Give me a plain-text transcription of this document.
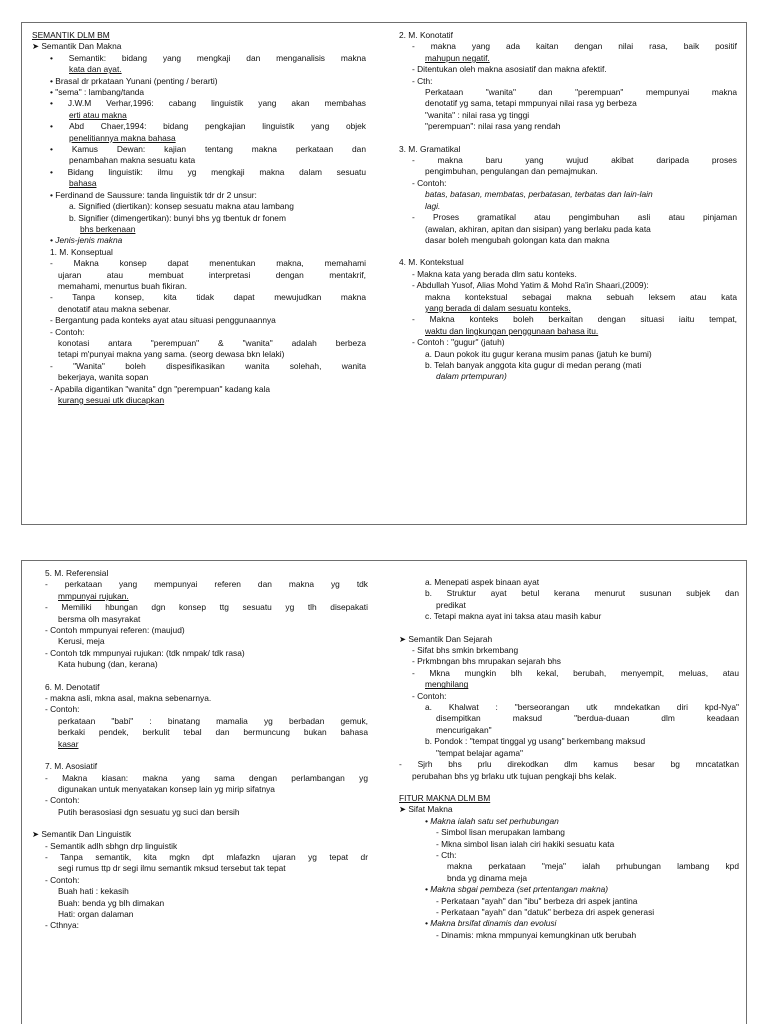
SEMANTIK DLM BM
➤ Semantik Dan Makna
• Semantik: bidang yang mengkaji dan menganalisis makna
kata dan ayat.
• Brasal dr prkataan Yunani (penting / berarti)
• "sema" : lambang/tanda
• J.W.M Verhar,1996: cabang linguistik yang akan membahas
erti atau makna
• Abd Chaer,1994: bidang pengkajian linguistik yang objek
penelitiannya makna bahasa
• Kamus Dewan: kajian tentang makna perkataan dan
penambahan makna sesuatu kata
• Bidang linguistik: ilmu yg mengkaji makna dalam sesuatu
bahasa
• Ferdinand de Saussure: tanda linguistik tdr dr 2 unsur:
a. Signified (diertikan): konsep sesuatu makna atau lambang
b. Signifier (dimengertikan): bunyi bhs yg tbentuk dr fonem
bhs berkenaan
• Jenis-jenis makna
1. M. Konseptual
- Makna konsep dapat menentukan makna, memahami
ujaran atau membuat interpretasi dengan mentakrif,
memahami, menurtus buah fikiran.
- Tanpa konsep, kita tidak dapat mewujudkan makna
denotatif atau makna sebenar.
- Bergantung pada konteks ayat atau situasi penggunaannya
- Contoh:
konotasi antara "perempuan" & "wanita" adalah berbeza
tetapi m'punyai makna yang sama. (seorg dewasa bkn lelaki)
- "Wanita" boleh dispesifikasikan wanita solehah, wanita
bekerjaya, wanita sopan
- Apabila digantikan "wanita" dgn "perempuan" kadang kala
kurang sesuai utk diucapkan
2. M. Konotatif
- makna yang ada kaitan dengan nilai rasa, baik positif
mahupun negatif.
- Ditentukan oleh makna asosiatif dan makna afektif.
- Cth:
Perkataan "wanita" dan "perempuan" mempunyai makna
denotatif yg sama, tetapi mmpunyai nilai rasa yg berbeza
"wanita" : nilai rasa yg tinggi
"perempuan": nilai rasa yang rendah
3. M. Gramatikal
- makna baru yang wujud akibat daripada proses
pengimbuhan, pengulangan dan pemajmukan.
- Contoh:
batas, batasan, membatas, perbatasan, terbatas dan lain-lain
lagi.
- Proses gramatikal atau pengimbuhan asli atau pinjaman
(awalan, akhiran, apitan dan sisipan) yang berlaku pada kata
dasar boleh mengubah golongan kata dan makna
4. M. Kontekstual
- Makna kata yang berada dlm satu konteks.
- Abdullah Yusof, Alias Mohd Yatim & Mohd Ra'in Shaari,(2009):
makna kontekstual sebagai makna sebuah leksem atau kata
yang berada di dalam sesuatu konteks.
- Makna konteks boleh berkaitan dengan situasi iaitu tempat,
waktu dan lingkungan penggunaan bahasa itu.
- Contoh : "gugur" (jatuh)
a. Daun pokok itu gugur kerana musim panas (jatuh ke bumi)
b. Telah banyak anggota kita gugur di medan perang (mati
dalam prtempuran)
5. M. Referensial
- perkataan yang mempunyai referen dan makna yg tdk
mmpunyai rujukan.
- Memiliki hbungan dgn konsep ttg sesuatu yg tlh disepakati
bersma olh masyrakat
- Contoh mmpunyai referen: (maujud)
Kerusi, meja
- Contoh tdk mmpunyai rujukan: (tdk nmpak/ tdk rasa)
Kata hubung (dan, kerana)
6. M. Denotatif
- makna asli, mkna asal, makna sebenarnya.
- Contoh:
perkataan "babi" : binatang mamalia yg berbadan gemuk,
berkaki pendek, berkulit tebal dan bermuncung bukan bahasa
kasar
7. M. Asosiatif
- Makna kiasan: makna yang sama dengan perlambangan yg
digunakan untuk menyatakan konsep lain yg mirip sifatnya
- Contoh:
Putih berasosiasi dgn sesuatu yg suci dan bersih
➤ Semantik Dan Linguistik
- Semantik adlh sbhgn drp linguistik
- Tanpa semantik, kita mgkn dpt mlafazkn ujaran yg tepat dr
segi rumus ttp dr segi ilmu semantik mksud tersebut tak tepat
- Contoh:
Buah hati : kekasih
Buah: benda yg blh dimakan
Hati: organ dalaman
- Cthnya:
a. Menepati aspek binaan ayat
b. Struktur ayat betul kerana menurut susunan subjek dan
predikat
c. Tetapi makna ayat ini taksa atau masih kabur
➤ Semantik Dan Sejarah
- Sifat bhs smkin brkembang
- Prkmbngan bhs mrupakan sejarah bhs
- Mkna mungkin blh kekal, berubah, menyempit, meluas, atau
menghilang
- Contoh:
a. Khalwat : "berseorangan utk mndekatkan diri kpd-Nya"
disempitkan maksud "berdua-duaan dlm keadaan
mencurigakan"
b. Pondok : "tempat tinggal yg usang" berkembang maksud
"tempat belajar agama"
- Sjrh bhs prlu direkodkan dlm kamus besar bg mncatatkan
perubahan bhs yg brlaku utk tujuan pengkaji bhs kelak.
FITUR MAKNA DLM BM
➤ Sifat Makna
• Makna ialah satu set perhubungan
- Simbol lisan merupakan lambang
- Mkna simbol lisan ialah ciri hakiki sesuatu kata
- Cth:
makna perkataan "meja" ialah prhubungan lambang kpd
bnda yg dinama meja
• Makna sbgai pembeza (set prtentangan makna)
- Perkataan "ayah" dan "ibu" berbeza dri aspek jantina
- Perkataan "ayah" dan "datuk" berbeza dri aspek generasi
• Makna brsifat dinamis dan evolusi
- Dinamis: mkna mmpunyai kemungkinan utk berubah
